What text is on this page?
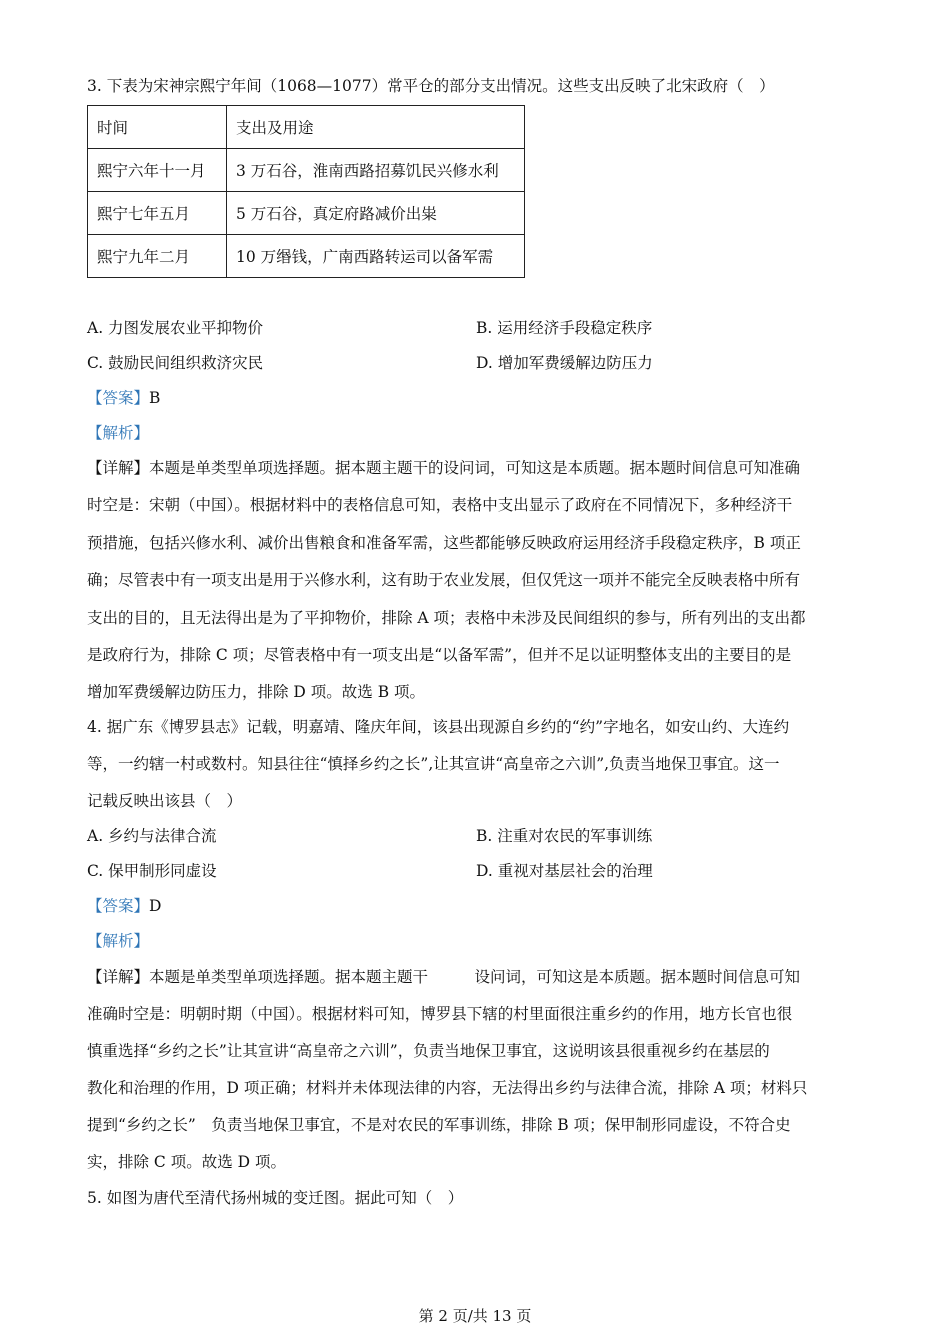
3. 下表为宋神宗熙宁年间（1068—1077）常平仓的部分支出情况。这些支出反映了北宋政府（　）
时间	支出及用途
熙宁六年十一月	3 万石谷，淮南西路招募饥民兴修水利
熙宁七年五月	5 万石谷，真定府路减价出粜
熙宁九年二月	10 万缗钱，广南西路转运司以备军需
A. 力图发展农业平抑物价	B. 运用经济手段稳定秩序
C. 鼓励民间组织救济灾民	D. 增加军费缓解边防压力
【答案】B
【解析】
【详解】本题是单类型单项选择题。据本题主题干的设问词，可知这是本质题。据本题时间信息可知准确
时空是：宋朝（中国）。根据材料中的表格信息可知，表格中支出显示了政府在不同情况下，多种经济干
预措施，包括兴修水利、减价出售粮食和准备军需，这些都能够反映政府运用经济手段稳定秩序，B 项正
确；尽管表中有一项支出是用于兴修水利，这有助于农业发展，但仅凭这一项并不能完全反映表格中所有
支出的目的，且无法得出是为了平抑物价，排除 A 项；表格中未涉及民间组织的参与，所有列出的支出都
是政府行为，排除 C 项；尽管表格中有一项支出是“以备军需”，但并不足以证明整体支出的主要目的是
增加军费缓解边防压力，排除 D 项。故选 B 项。
4. 据广东《博罗县志》记载，明嘉靖、隆庆年间，该县出现源自乡约的“约”字地名，如安山约、大连约
等，一约辖一村或数村。知县往往“慎择乡约之长”,让其宣讲“高皇帝之六训”,负责当地保卫事宜。这一
记载反映出该县（　）
A. 乡约与法律合流	B. 注重对农民的军事训练
C. 保甲制形同虚设	D. 重视对基层社会的治理
【答案】D
【解析】
【详解】本题是单类型单项选择题。据本题主题干　　　设问词，可知这是本质题。据本题时间信息可知
准确时空是：明朝时期（中国）。根据材料可知，博罗县下辖的村里面很注重乡约的作用，地方长官也很
慎重选择“乡约之长”让其宣讲“高皇帝之六训”，负责当地保卫事宜，这说明该县很重视乡约在基层的
教化和治理的作用，D 项正确；材料并未体现法律的内容，无法得出乡约与法律合流，排除 A 项；材料只
提到“乡约之长”　负责当地保卫事宜，不是对农民的军事训练，排除 B 项；保甲制形同虚设，不符合史
实，排除 C 项。故选 D 项。
5. 如图为唐代至清代扬州城的变迁图。据此可知（　）
第 2 页/共 13 页
